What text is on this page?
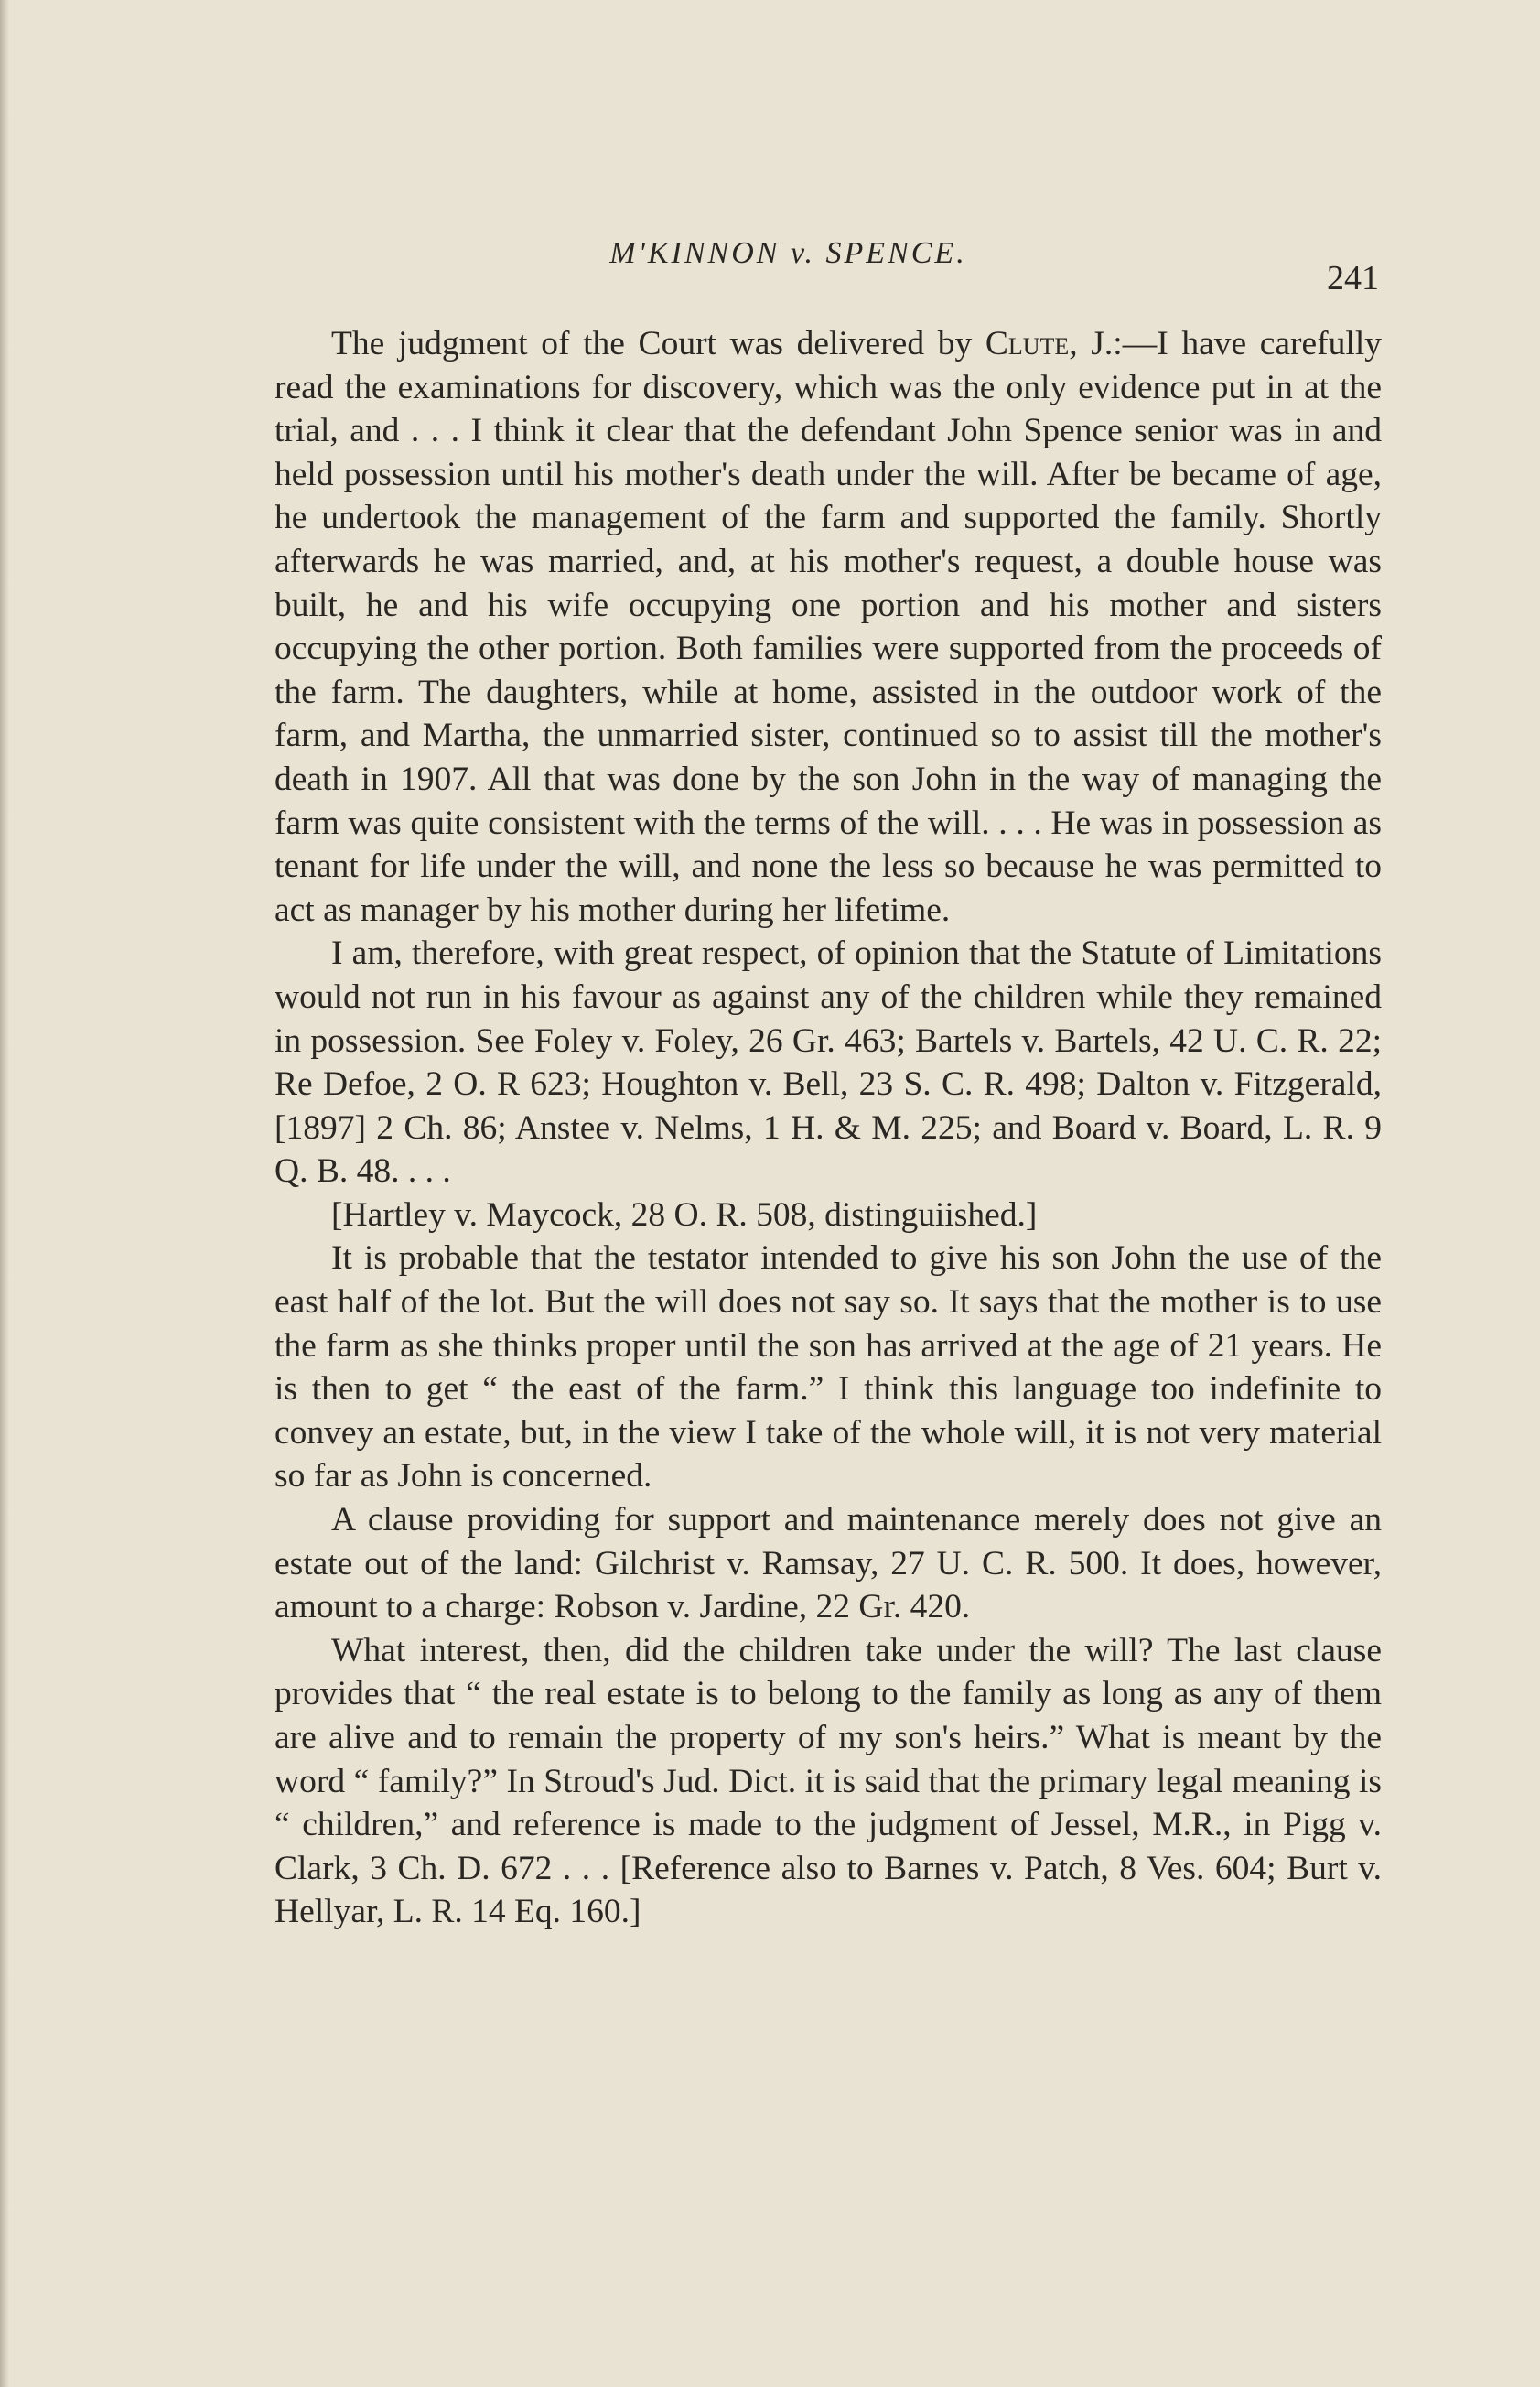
M'KINNON v. SPENCE.
241

The judgment of the Court was delivered by Clute, J.:—I have carefully read the examinations for discovery, which was the only evidence put in at the trial, and . . . I think it clear that the defendant John Spence senior was in and held possession until his mother's death under the will. After be became of age, he undertook the management of the farm and supported the family. Shortly afterwards he was married, and, at his mother's request, a double house was built, he and his wife occupying one portion and his mother and sisters occupying the other portion. Both families were supported from the proceeds of the farm. The daughters, while at home, assisted in the outdoor work of the farm, and Martha, the unmarried sister, continued so to assist till the mother's death in 1907. All that was done by the son John in the way of managing the farm was quite consistent with the terms of the will. . . . He was in possession as tenant for life under the will, and none the less so because he was permitted to act as manager by his mother during her lifetime.

I am, therefore, with great respect, of opinion that the Statute of Limitations would not run in his favour as against any of the children while they remained in possession. See Foley v. Foley, 26 Gr. 463; Bartels v. Bartels, 42 U. C. R. 22; Re Defoe, 2 O. R 623; Houghton v. Bell, 23 S. C. R. 498; Dalton v. Fitzgerald, [1897] 2 Ch. 86; Anstee v. Nelms, 1 H. & M. 225; and Board v. Board, L. R. 9 Q. B. 48. . . .

[Hartley v. Maycock, 28 O. R. 508, distinguiished.]

It is probable that the testator intended to give his son John the use of the east half of the lot. But the will does not say so. It says that the mother is to use the farm as she thinks proper until the son has arrived at the age of 21 years. He is then to get “ the east of the farm.” I think this language too indefinite to convey an estate, but, in the view I take of the whole will, it is not very material so far as John is concerned.

A clause providing for support and maintenance merely does not give an estate out of the land: Gilchrist v. Ramsay, 27 U. C. R. 500. It does, however, amount to a charge: Robson v. Jardine, 22 Gr. 420.

What interest, then, did the children take under the will? The last clause provides that “ the real estate is to belong to the family as long as any of them are alive and to remain the property of my son's heirs.” What is meant by the word “ family?” In Stroud's Jud. Dict. it is said that the primary legal meaning is “ children,” and reference is made to the judgment of Jessel, M.R., in Pigg v. Clark, 3 Ch. D. 672 . . . [Reference also to Barnes v. Patch, 8 Ves. 604; Burt v. Hellyar, L. R. 14 Eq. 160.]
